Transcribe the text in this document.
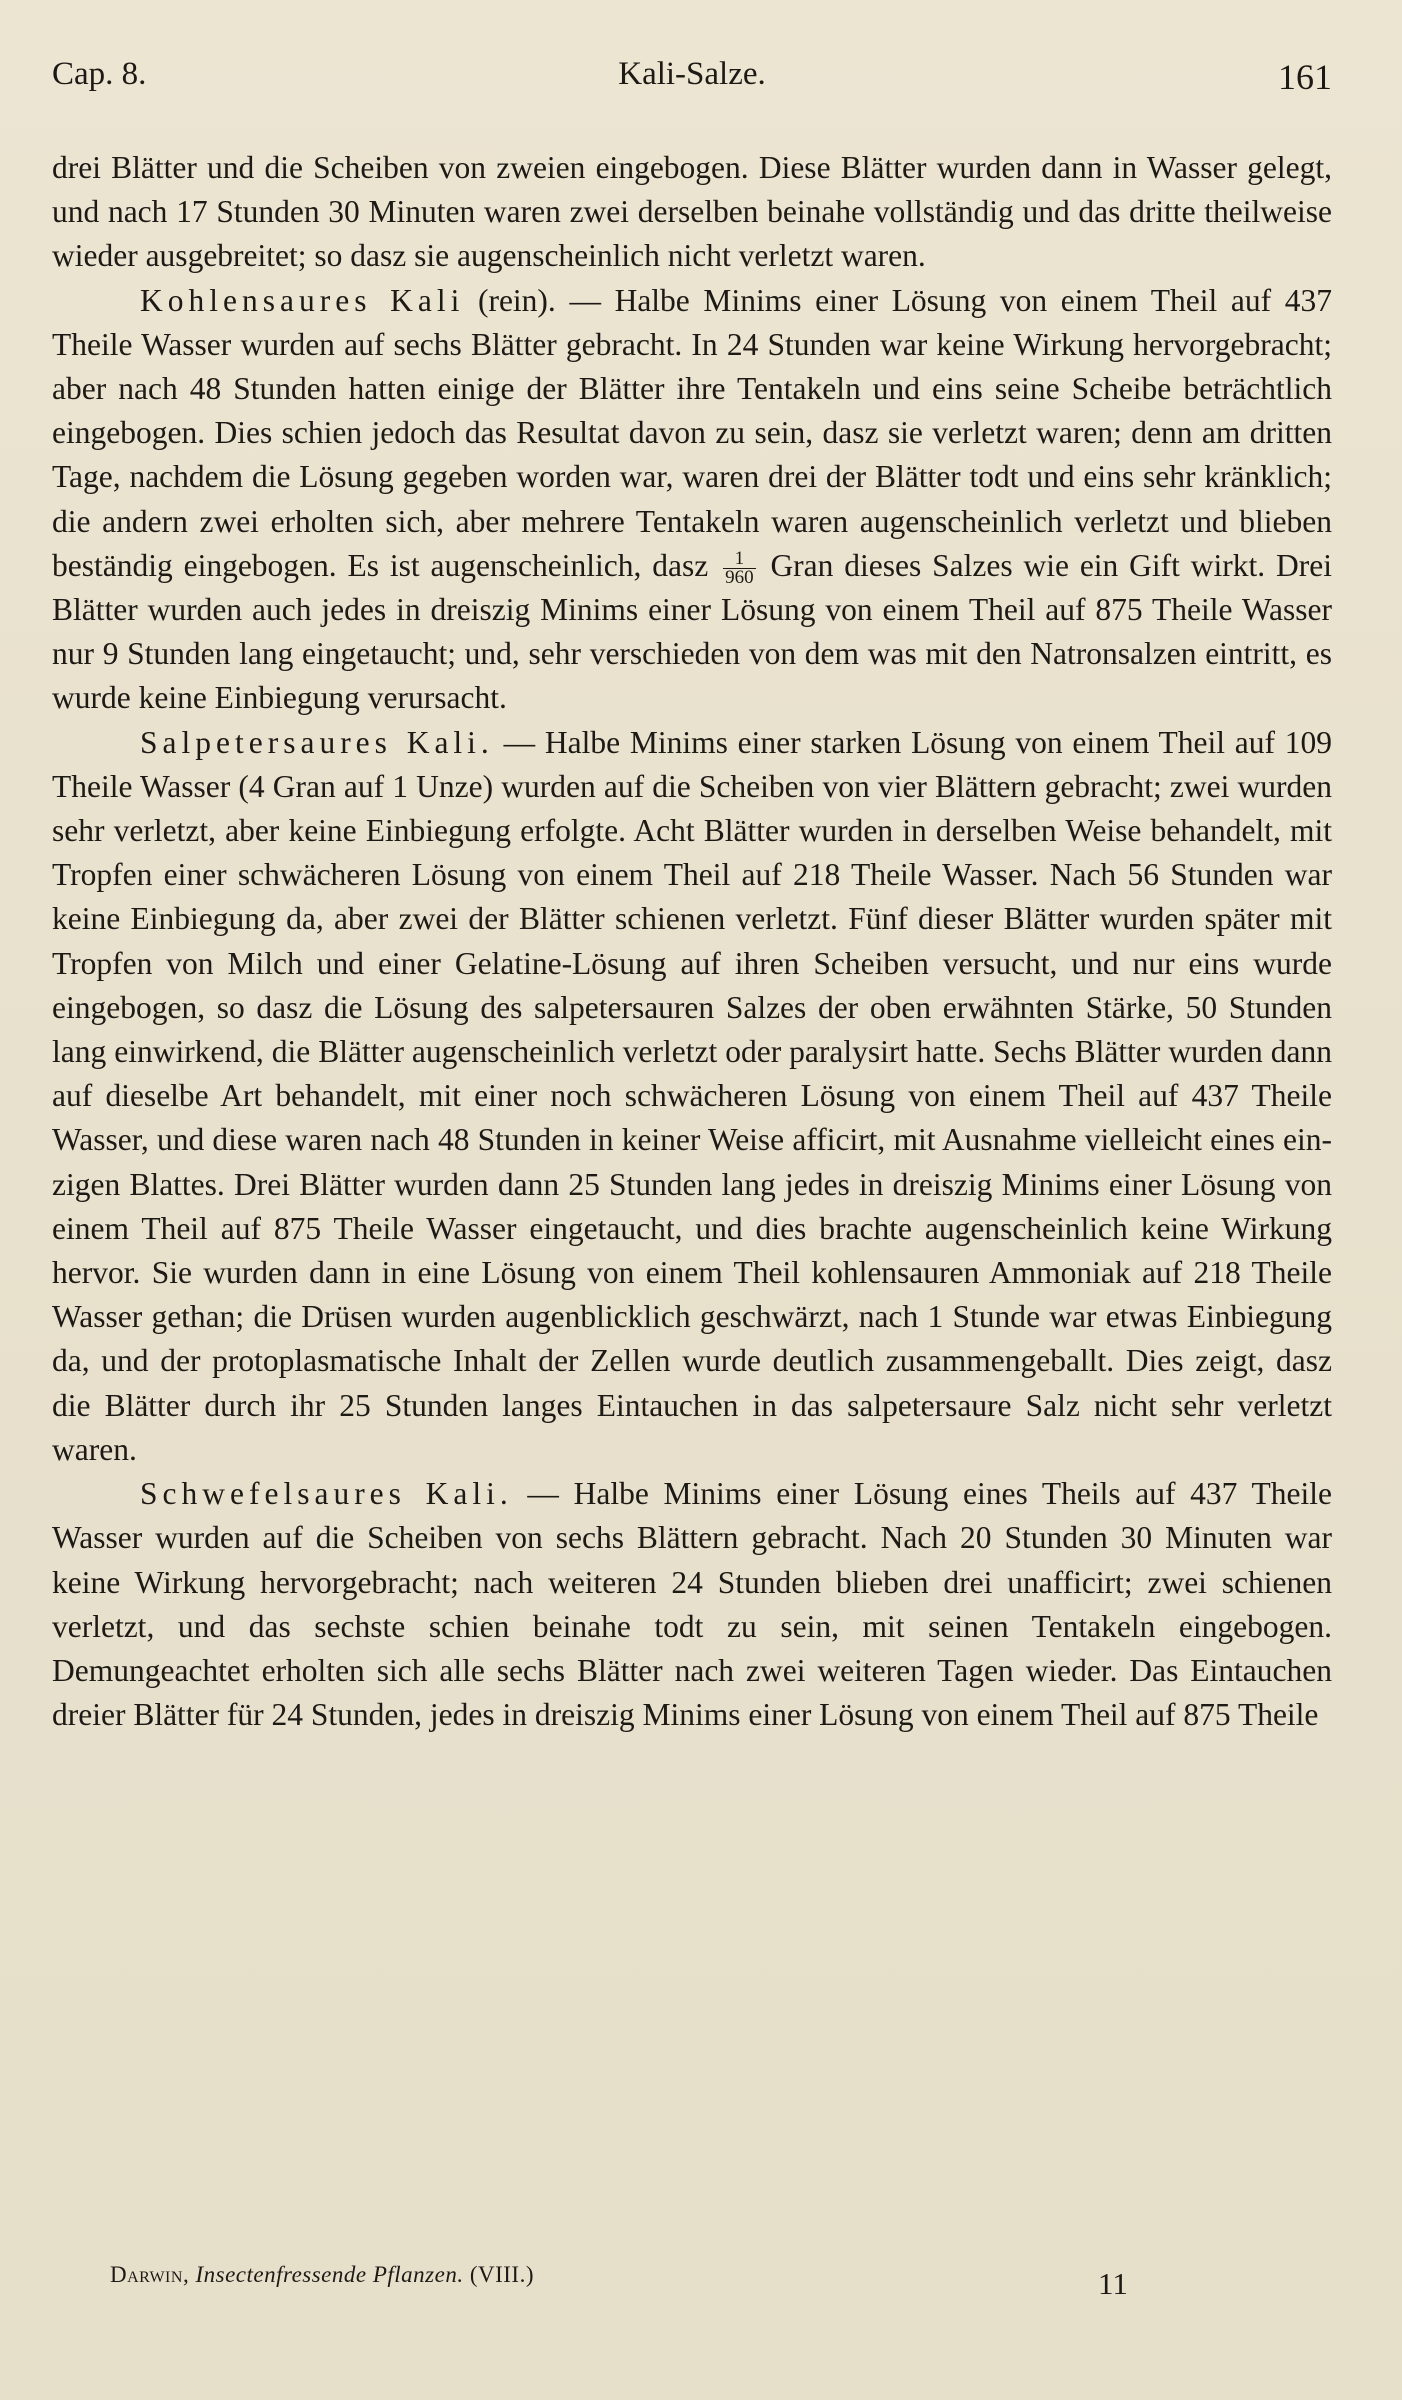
Cap. 8.	Kali-Salze.	161

drei Blätter und die Scheiben von zweien eingebogen. Diese Blätter wurden dann in Wasser gelegt, und nach 17 Stunden 30 Minuten waren zwei derselben beinahe vollständig und das dritte theilweise wieder ausgebreitet; so dasz sie augenscheinlich nicht verletzt waren.

Kohlensaures Kali (rein). — Halbe Minims einer Lösung von einem Theil auf 437 Theile Wasser wurden auf sechs Blätter gebracht. In 24 Stunden war keine Wirkung hervorgebracht; aber nach 48 Stunden hatten einige der Blätter ihre Tentakeln und eins seine Scheibe beträchtlich eingebogen. Dies schien jedoch das Resultat davon zu sein, dasz sie verletzt waren; denn am dritten Tage, nachdem die Lösung gegeben worden war, waren drei der Blätter todt und eins sehr kränklich; die andern zwei erholten sich, aber mehrere Tentakeln waren augenscheinlich verletzt und blieben beständig eingebogen. Es ist augenscheinlich, dasz $\frac{1}{960}$ Gran dieses Salzes wie ein Gift wirkt. Drei Blätter wurden auch jedes in dreiszig Minims einer Lösung von einem Theil auf 875 Theile Wasser nur 9 Stunden lang eingetaucht; und, sehr verschieden von dem was mit den Natronsalzen eintritt, es wurde keine Einbiegung verursacht.

Salpetersaures Kali. — Halbe Minims einer starken Lösung von einem Theil auf 109 Theile Wasser (4 Gran auf 1 Unze) wurden auf die Scheiben von vier Blättern gebracht; zwei wurden sehr verletzt, aber keine Einbiegung erfolgte. Acht Blätter wurden in derselben Weise behandelt, mit Tropfen einer schwächeren Lösung von einem Theil auf 218 Theile Wasser. Nach 56 Stunden war keine Einbiegung da, aber zwei der Blätter schienen verletzt. Fünf dieser Blätter wurden später mit Tropfen von Milch und einer Gelatine-Lösung auf ihren Scheiben versucht, und nur eins wurde eingebogen, so dasz die Lösung des salpetersauren Salzes der oben erwähnten Stärke, 50 Stunden lang einwirkend, die Blätter augenscheinlich verletzt oder paralysirt hatte. Sechs Blätter wurden dann auf dieselbe Art behandelt, mit einer noch schwächeren Lösung von einem Theil auf 437 Theile Wasser, und diese waren nach 48 Stunden in keiner Weise afficirt, mit Ausnahme vielleicht eines einzigen Blattes. Drei Blätter wurden dann 25 Stunden lang jedes in dreiszig Minims einer Lösung von einem Theil auf 875 Theile Wasser eingetaucht, und dies brachte augenscheinlich keine Wirkung hervor. Sie wurden dann in eine Lösung von einem Theil kohlensauren Ammoniak auf 218 Theile Wasser gethan; die Drüsen wurden augenblicklich geschwärzt, nach 1 Stunde war etwas Einbiegung da, und der protoplasmatische Inhalt der Zellen wurde deutlich zusammengeballt. Dies zeigt, dasz die Blätter durch ihr 25 Stunden langes Eintauchen in das salpetersaure Salz nicht sehr verletzt waren.

Schwefelsaures Kali. — Halbe Minims einer Lösung eines Theils auf 437 Theile Wasser wurden auf die Scheiben von sechs Blättern gebracht. Nach 20 Stunden 30 Minuten war keine Wirkung hervorgebracht; nach weiteren 24 Stunden blieben drei unafficirt; zwei schienen verletzt, und das sechste schien beinahe todt zu sein, mit seinen Tentakeln eingebogen. Demungeachtet erholten sich alle sechs Blätter nach zwei weiteren Tagen wieder. Das Eintauchen dreier Blätter für 24 Stunden, jedes in dreiszig Minims einer Lösung von einem Theil auf 875 Theile

Darwin, Insectenfressende Pflanzen. (VIII.)	11
